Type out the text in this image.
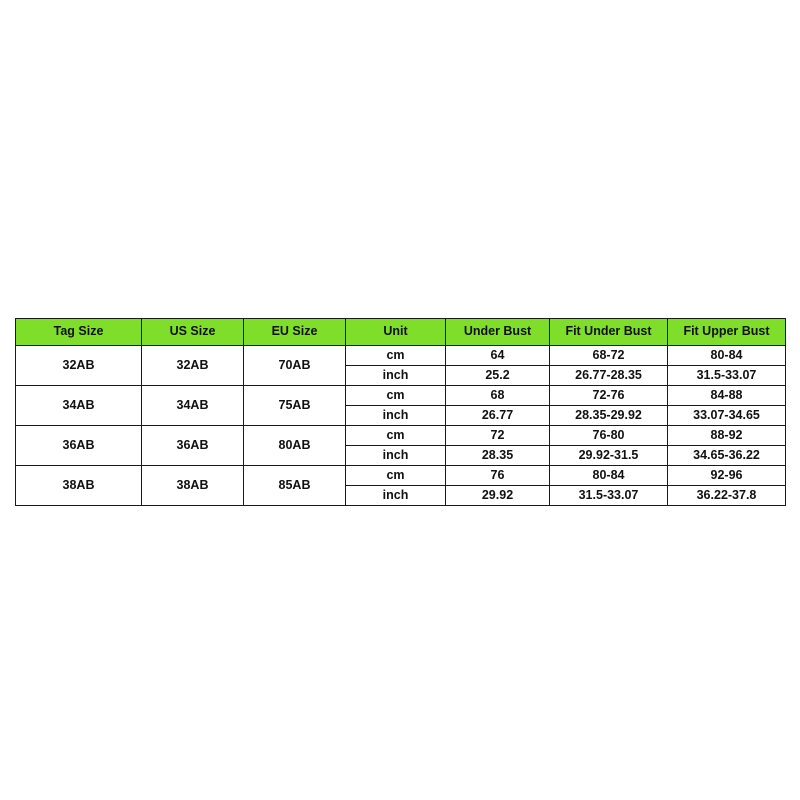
Tag Size	US Size	EU Size	Unit	Under Bust	Fit Under Bust	Fit Upper Bust
32AB	32AB	70AB	cm	64	68-72	80-84
			inch	25.2	26.77-28.35	31.5-33.07
34AB	34AB	75AB	cm	68	72-76	84-88
			inch	26.77	28.35-29.92	33.07-34.65
36AB	36AB	80AB	cm	72	76-80	88-92
			inch	28.35	29.92-31.5	34.65-36.22
38AB	38AB	85AB	cm	76	80-84	92-96
			inch	29.92	31.5-33.07	36.22-37.8
